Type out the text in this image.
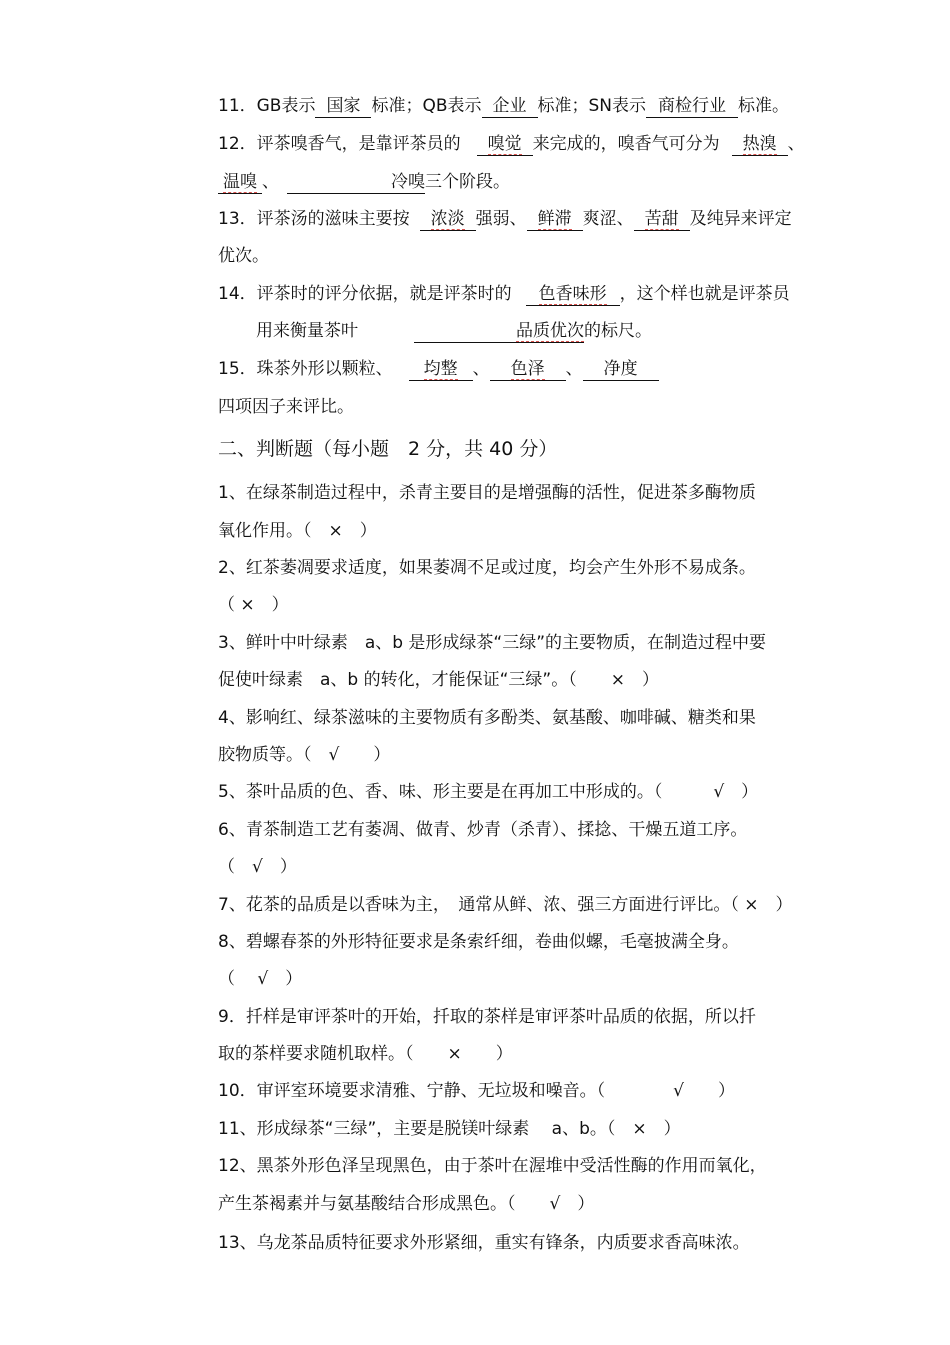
11．GB表示 国家 标准；QB表示 企业 标准；SN表示 商检行业 标准。
12．评茶嗅香气，是靠评茶员的 嗅觉 来完成的，嗅香气可分为 热溴 、
温嗅 、	冷嗅三个阶段。
13．评茶汤的滋味主要按 浓淡 强弱、 鲜滞 爽涩、 苦甜 及纯异来评定
优次。
14．评茶时的评分依据，就是评茶时的 色香味形 ，这个样也就是评茶员
用来衡量茶叶	品质优次的标尺。
15．珠茶外形以颗粒、 均整 、 色泽 、 净度
四项因子来评比。
二、判断题（每小题　2 分，共 40 分）
1、在绿茶制造过程中，杀青主要目的是增强酶的活性，促进茶多酶物质
氧化作用。（　×　）
2、红茶萎凋要求适度，如果萎凋不足或过度，均会产生外形不易成条。
（ ×　）
3、鲜叶中叶绿素　a、b 是形成绿茶“三绿”的主要物质，在制造过程中要
促使叶绿素　a、b 的转化，才能保证“三绿”。（　　×　）
4、影响红、绿茶滋味的主要物质有多酚类、氨基酸、咖啡碱、糖类和果
胶物质等。（　√　　）
5、茶叶品质的色、香、味、形主要是在再加工中形成的。（　　　√　）
6、青茶制造工艺有萎凋、做青、炒青（杀青）、揉捻、干燥五道工序。
（　√　）
7、花茶的品质是以香味为主，　通常从鲜、浓、强三方面进行评比。（ ×　）
8、碧螺春茶的外形特征要求是条索纤细，卷曲似螺，毛毫披满全身。
（　 √　）
9．扦样是审评茶叶的开始，扦取的茶样是审评茶叶品质的依据，所以扦
取的茶样要求随机取样。（　　×　　）
10．审评室环境要求清雅、宁静、无垃圾和噪音。（　　　　√　　）
11、形成绿茶“三绿”，主要是脱镁叶绿素　 a、b。（　×　）
12、黑茶外形色泽呈现黑色，由于茶叶在渥堆中受活性酶的作用而氧化，
产生茶褐素并与氨基酸结合形成黑色。（　　√　）
13、乌龙茶品质特征要求外形紧细，重实有锋条，内质要求香高味浓。
